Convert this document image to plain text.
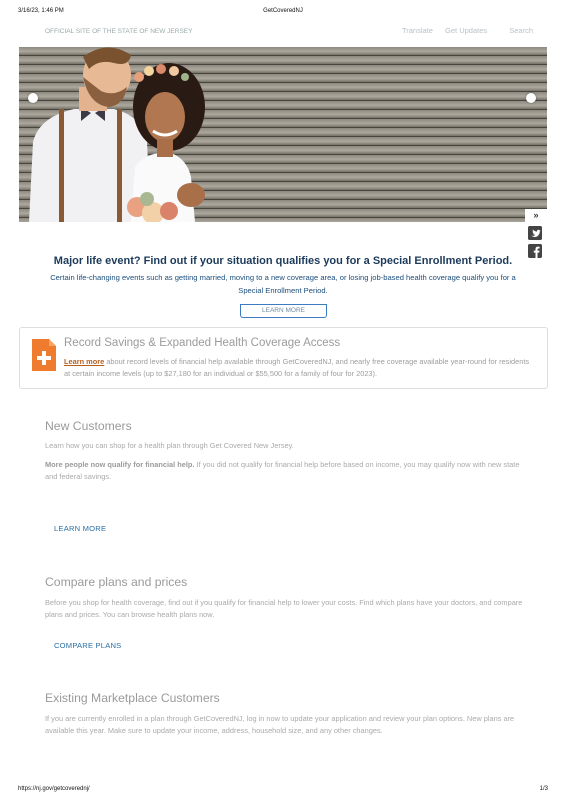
3/16/23, 1:46 PM	GetCoveredNJ
OFFICIAL SITE OF THE STATE OF NEW JERSEY	Translate Get Updates	Search
»
Major life event? Find out if your situation qualifies you for a Special Enrollment Period.
Certain life-changing events such as getting married, moving to a new coverage area, or losing job-based health coverage qualify you for a Special Enrollment Period.
LEARN MORE
Record Savings & Expanded Health Coverage Access
Learn more about record levels of financial help available through GetCoveredNJ, and nearly free coverage available year-round for residents at certain income levels (up to $27,180 for an individual or $55,500 for a family of four for 2023).
New Customers

Learn how you can shop for a health plan through Get Covered New Jersey.

More people now qualify for financial help. If you did not qualify for financial help before based on income, you may qualify now with new state and federal savings.

LEARN MORE
Compare plans and prices

Before you shop for health coverage, find out if you qualify for financial help to lower your costs. Find which plans have your doctors, and compare plans and prices. You can browse health plans now.

COMPARE PLANS
Existing Marketplace Customers

If you are currently enrolled in a plan through GetCoveredNJ, log in now to update your application and review your plan options. New plans are available this year. Make sure to update your income, address, household size, and any other changes.

https://nj.gov/getcoverednj/	1/3
